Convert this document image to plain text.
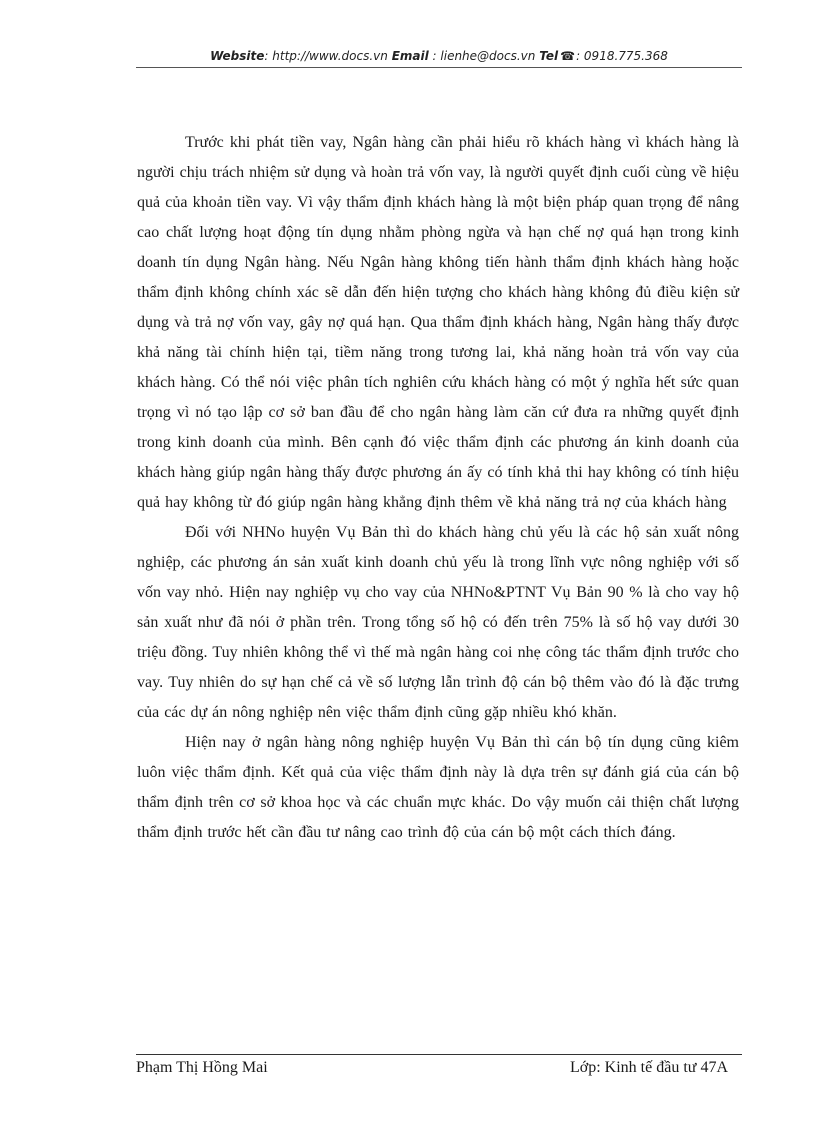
Website: http://www.docs.vn Email : lienhe@docs.vn Tel ☎: 0918.775.368

Trước khi phát tiền vay, Ngân hàng cần phải hiểu rõ khách hàng vì khách hàng là người chịu trách nhiệm sử dụng và hoàn trả vốn vay, là người quyết định cuối cùng về hiệu quả của khoản tiền vay. Vì vậy thẩm định khách hàng là một biện pháp quan trọng để nâng cao chất lượng hoạt động tín dụng nhằm phòng ngừa và hạn chế nợ quá hạn trong kinh doanh tín dụng Ngân hàng. Nếu Ngân hàng không tiến hành thẩm định khách hàng hoặc thẩm định không chính xác sẽ dẫn đến hiện tượng cho khách hàng không đủ điều kiện sử dụng và trả nợ vốn vay, gây nợ quá hạn. Qua thẩm định khách hàng, Ngân hàng thấy được khả năng tài chính hiện tại, tiềm năng trong tương lai, khả năng hoàn trả vốn vay của khách hàng. Có thể nói việc phân tích nghiên cứu khách hàng có một ý nghĩa hết sức quan trọng vì nó tạo lập cơ sở ban đầu để cho ngân hàng làm căn cứ đưa ra những quyết định trong kinh doanh của mình. Bên cạnh đó việc thẩm định các phương án kinh doanh của khách hàng giúp ngân hàng thấy được phương án ấy có tính khả thi hay không có tính hiệu quả hay không từ đó giúp ngân hàng khẳng định thêm về khả năng trả nợ của khách hàng

Đối với NHNo huyện Vụ Bản thì do khách hàng chủ yếu là các hộ sản xuất nông nghiệp, các phương án sản xuất kinh doanh chủ yếu là trong lĩnh vực nông nghiệp với số vốn vay nhỏ. Hiện nay nghiệp vụ cho vay của NHNo&PTNT Vụ Bản 90 % là cho vay hộ sản xuất như đã nói ở phần trên. Trong tổng số hộ có đến trên 75% là số hộ vay dưới 30 triệu đồng. Tuy nhiên không thể vì thế mà ngân hàng coi nhẹ công tác thẩm định trước cho vay. Tuy nhiên do sự hạn chế cả về số lượng lẫn trình độ cán bộ thêm vào đó là đặc trưng của các dự án nông nghiệp nên việc thẩm định cũng gặp nhiều khó khăn.

Hiện nay ở ngân hàng nông nghiệp huyện Vụ Bản thì cán bộ tín dụng cũng kiêm luôn việc thẩm định. Kết quả của việc thẩm định này là dựa trên sự đánh giá của cán bộ thẩm định trên cơ sở khoa học và các chuẩn mực khác. Do vậy muốn cải thiện chất lượng thẩm định trước hết cần đầu tư nâng cao trình độ của cán bộ một cách thích đáng.

Phạm Thị Hồng Mai	Lớp: Kinh tế đầu tư 47A
